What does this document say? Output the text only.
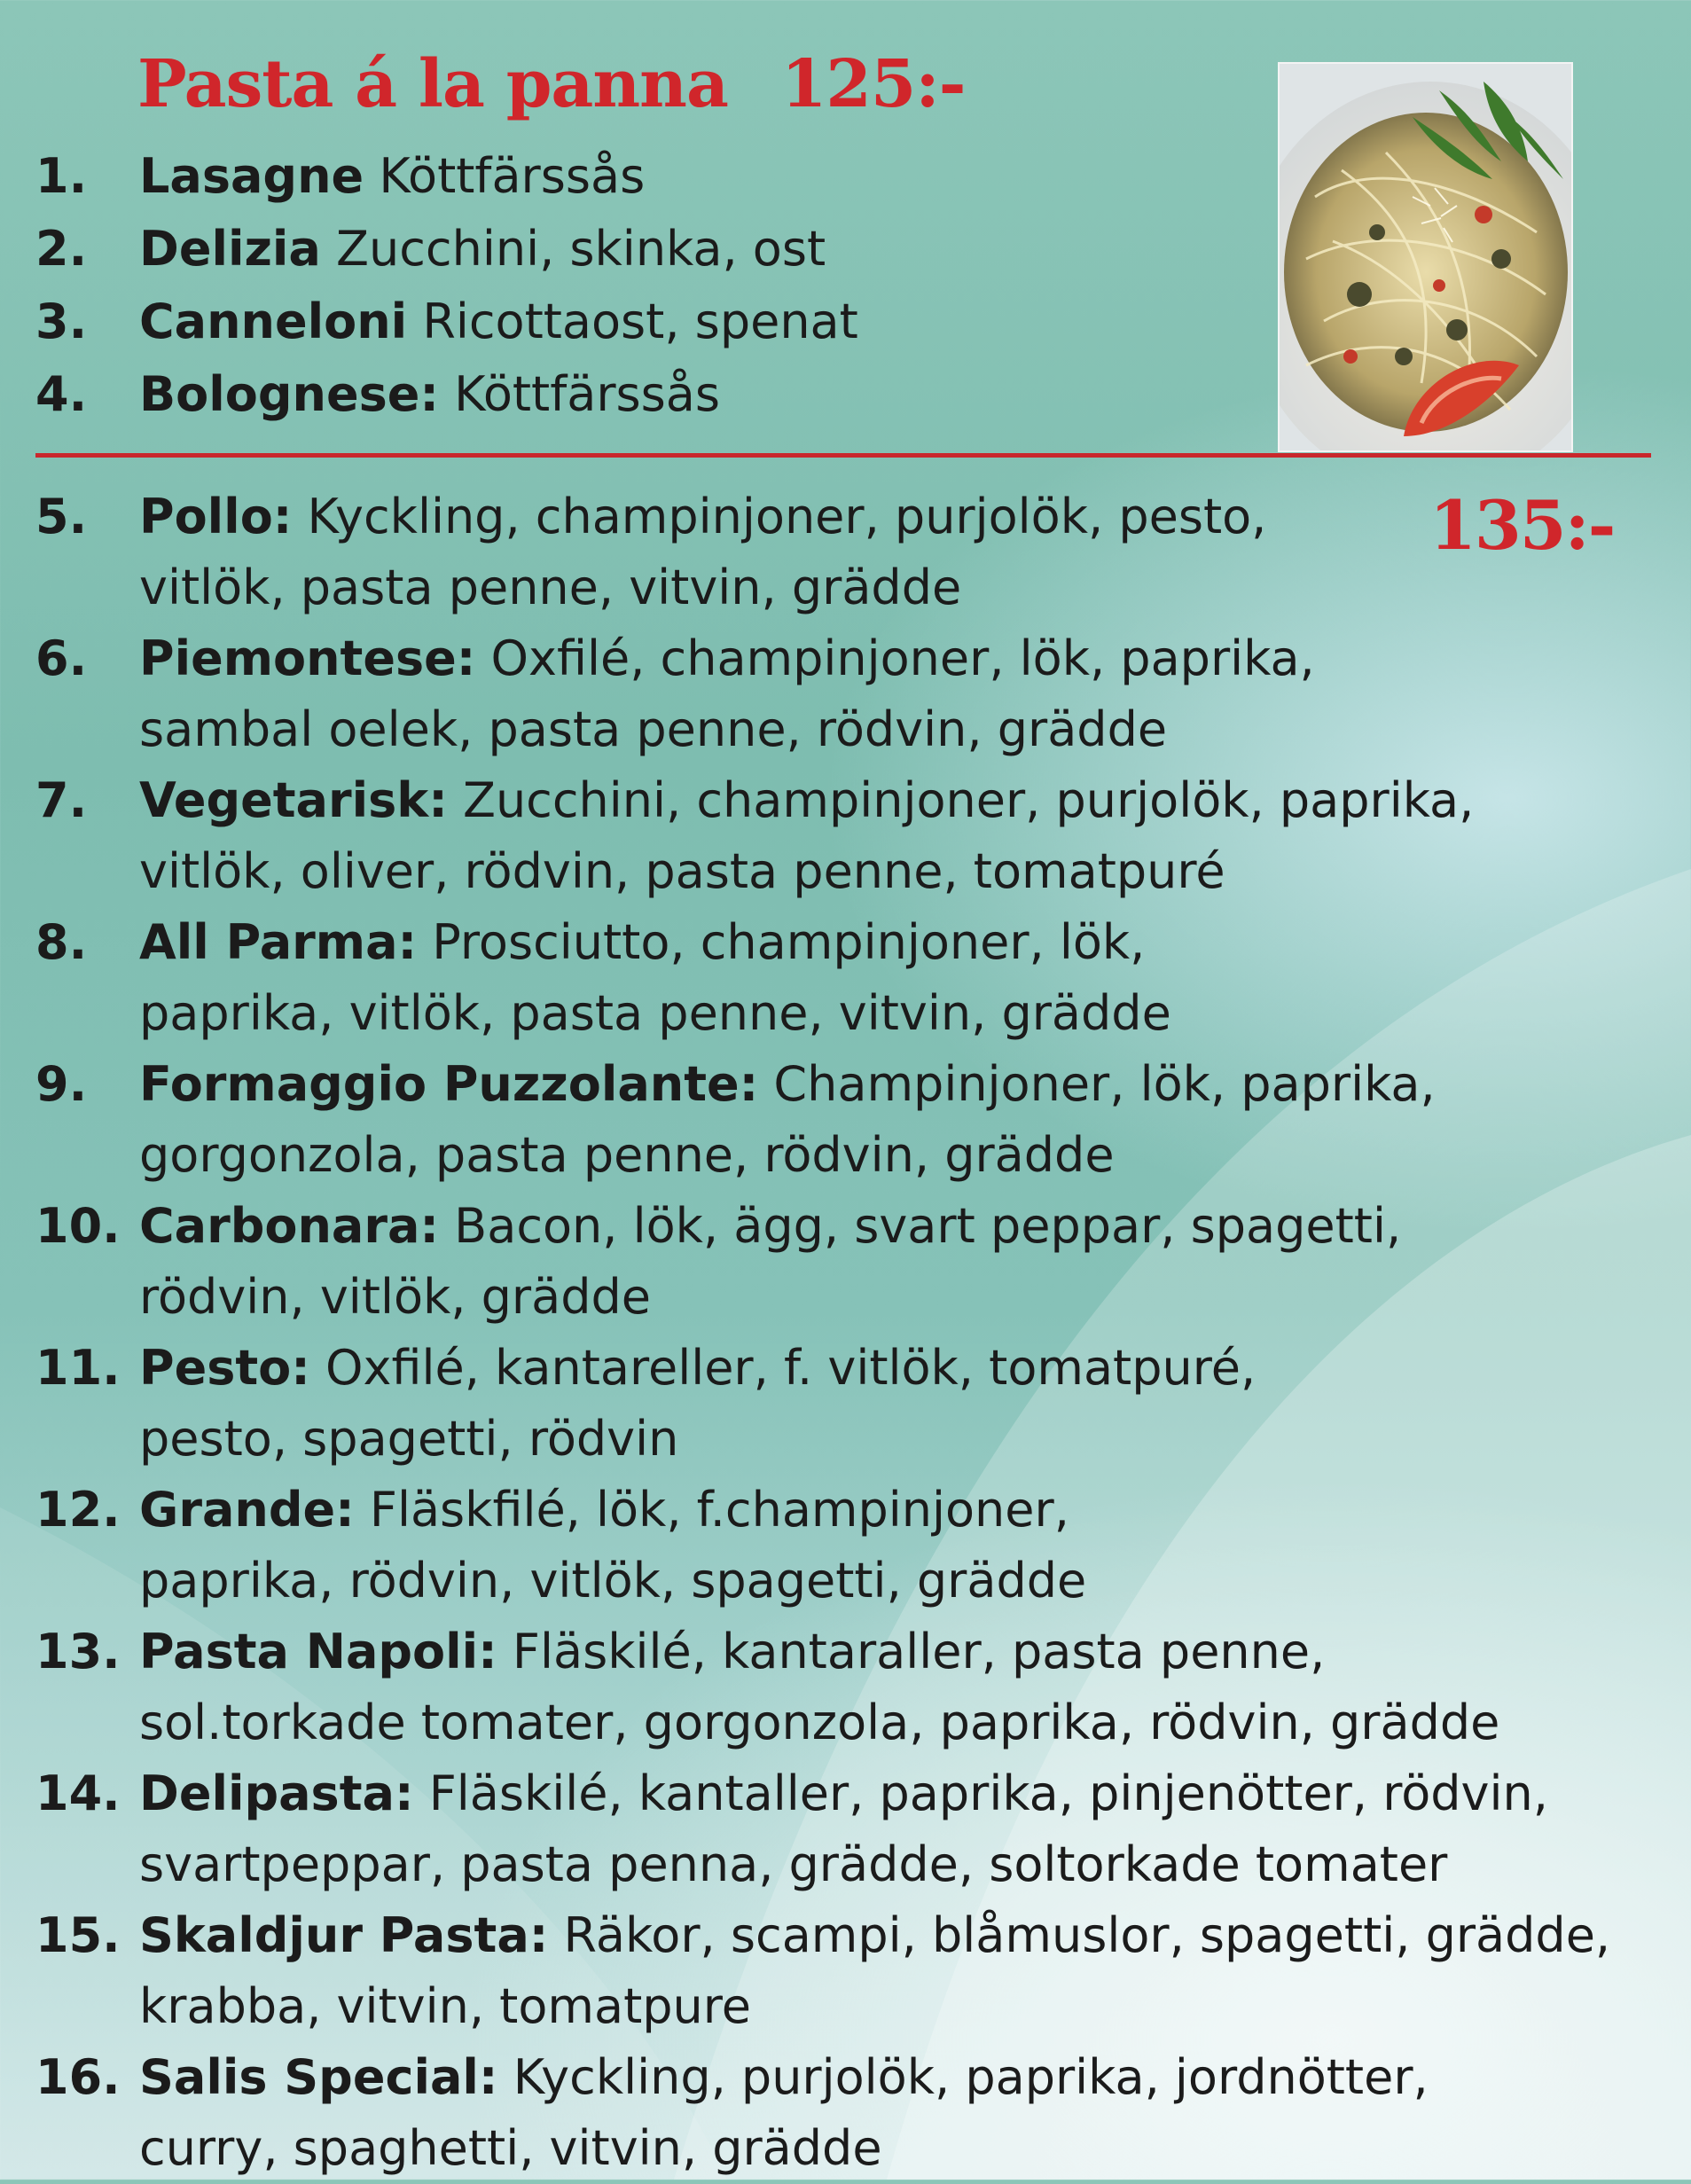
Pasta á la panna 125:-
1. Lasagne Köttfärssås
2. Delizia Zucchini, skinka, ost
3. Canneloni Ricottaost, spenat
4. Bolognese: Köttfärssås
135:-
5. Pollo: Kyckling, champinjoner, purjolök, pesto,
vitlök, pasta penne, vitvin, grädde
6. Piemontese: Oxfilé, champinjoner, lök, paprika,
sambal oelek, pasta penne, rödvin, grädde
7. Vegetarisk: Zucchini, champinjoner, purjolök, paprika,
vitlök, oliver, rödvin, pasta penne, tomatpuré
8. All Parma: Prosciutto, champinjoner, lök,
paprika, vitlök, pasta penne, vitvin, grädde
9. Formaggio Puzzolante: Champinjoner, lök, paprika,
gorgonzola, pasta penne, rödvin, grädde
10. Carbonara: Bacon, lök, ägg, svart peppar, spagetti,
rödvin, vitlök, grädde
11. Pesto: Oxfilé, kantareller, f. vitlök, tomatpuré,
pesto, spagetti, rödvin
12. Grande: Fläskfilé, lök, f.champinjoner,
paprika, rödvin, vitlök, spagetti, grädde
13. Pasta Napoli: Fläskilé, kantaraller, pasta penne,
sol.torkade tomater, gorgonzola, paprika, rödvin, grädde
14. Delipasta: Fläskilé, kantaller, paprika, pinjenötter, rödvin,
svartpeppar, pasta penna, grädde, soltorkade tomater
15. Skaldjur Pasta: Räkor, scampi, blåmuslor, spagetti, grädde,
krabba, vitvin, tomatpure
16. Salis Special: Kyckling, purjolök, paprika, jordnötter,
curry, spaghetti, vitvin, grädde
